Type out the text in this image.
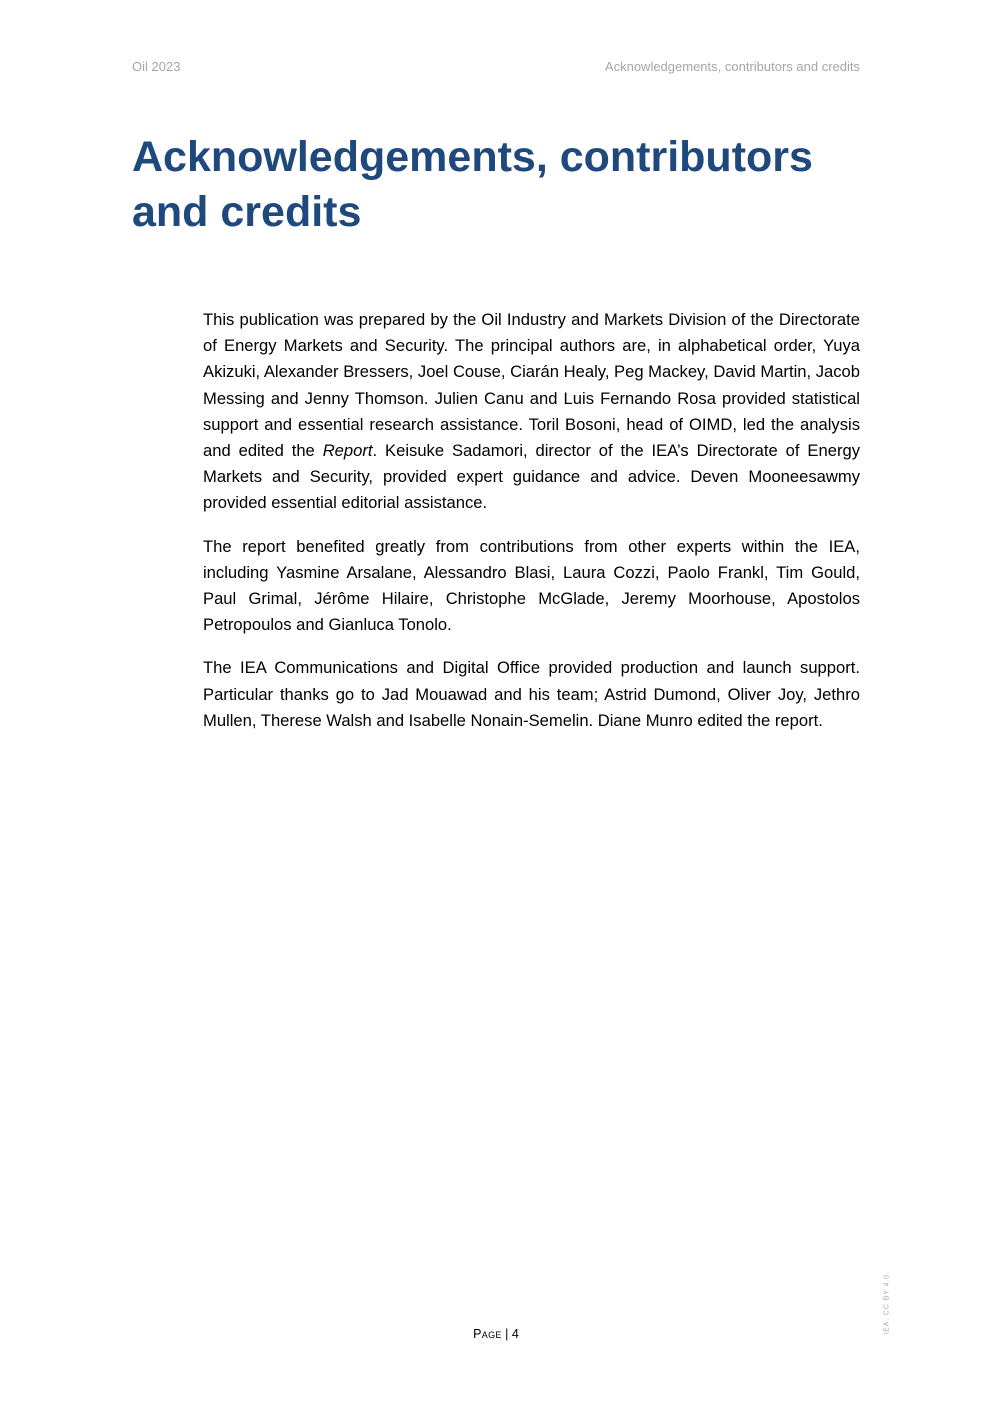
Oil 2023	Acknowledgements, contributors and credits
Acknowledgements, contributors and credits

This publication was prepared by the Oil Industry and Markets Division of the Directorate of Energy Markets and Security. The principal authors are, in alphabetical order, Yuya Akizuki, Alexander Bressers, Joel Couse, Ciarán Healy, Peg Mackey, David Martin, Jacob Messing and Jenny Thomson. Julien Canu and Luis Fernando Rosa provided statistical support and essential research assistance. Toril Bosoni, head of OIMD, led the analysis and edited the Report. Keisuke Sadamori, director of the IEA’s Directorate of Energy Markets and Security, provided expert guidance and advice. Deven Mooneesawmy provided essential editorial assistance.

The report benefited greatly from contributions from other experts within the IEA, including Yasmine Arsalane, Alessandro Blasi, Laura Cozzi, Paolo Frankl, Tim Gould, Paul Grimal, Jérôme Hilaire, Christophe McGlade, Jeremy Moorhouse, Apostolos Petropoulos and Gianluca Tonolo.

The IEA Communications and Digital Office provided production and launch support. Particular thanks go to Jad Mouawad and his team; Astrid Dumond, Oliver Joy, Jethro Mullen, Therese Walsh and Isabelle Nonain-Semelin. Diane Munro edited the report.

Page | 4	IEA. CC BY 4.0.
